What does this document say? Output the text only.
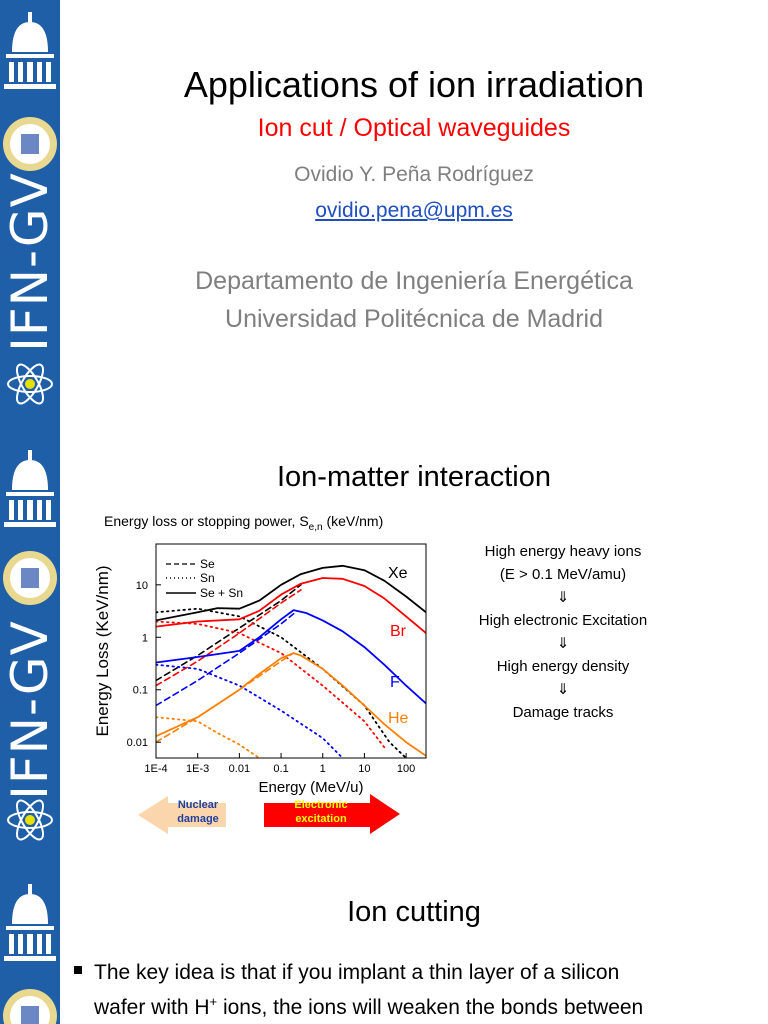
IFN-GV
IFN-GV
Applications of ion irradiation
Ion cut / Optical waveguides
Ovidio Y. Peña Rodríguez
ovidio.pena@upm.es
Departamento de Ingeniería Energética
Universidad Politécnica de Madrid
Ion-matter interaction
Energy loss or stopping power, $S_{e,n}$ (keV/nm)
1E-4 1E-3 0.01 0.1	1	10 100
0.01
0.1
1
10
Energy Loss (KeV/nm)
Energy (MeV/u)
Se
Sn
Se + Sn
Xe
Br
F
He
Nuclear
damage
Electronic
excitation
High energy heavy ions
(E > 0.1 MeV/amu)
⇓
High electronic Excitation
⇓
High energy density
⇓
Damage tracks
Ion cutting
The key idea is that if you implant a thin layer of a silicon
wafer with H+ ions, the ions will weaken the bonds between
